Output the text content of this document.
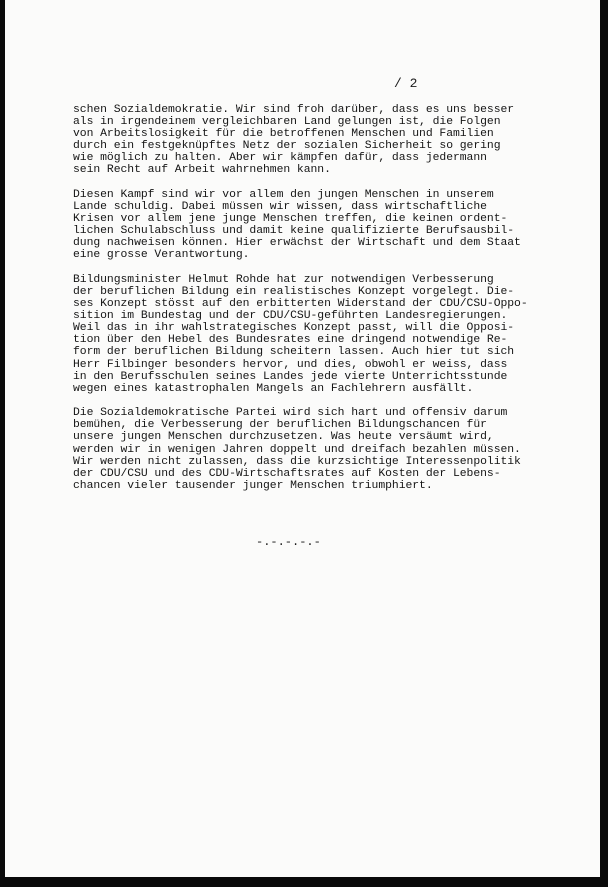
/ 2

schen Sozialdemokratie. Wir sind froh darüber, dass es uns besser
als in irgendeinem vergleichbaren Land gelungen ist, die Folgen
von Arbeitslosigkeit für die betroffenen Menschen und Familien
durch ein festgeknüpftes Netz der sozialen Sicherheit so gering
wie möglich zu halten. Aber wir kämpfen dafür, dass jedermann
sein Recht auf Arbeit wahrnehmen kann.

Diesen Kampf sind wir vor allem den jungen Menschen in unserem
Lande schuldig. Dabei müssen wir wissen, dass wirtschaftliche
Krisen vor allem jene junge Menschen treffen, die keinen ordent-
lichen Schulabschluss und damit keine qualifizierte Berufsausbil-
dung nachweisen können. Hier erwächst der Wirtschaft und dem Staat
eine grosse Verantwortung.

Bildungsminister Helmut Rohde hat zur notwendigen Verbesserung
der beruflichen Bildung ein realistisches Konzept vorgelegt. Die-
ses Konzept stösst auf den erbitterten Widerstand der CDU/CSU-Oppo-
sition im Bundestag und der CDU/CSU-geführten Landesregierungen.
Weil das in ihr wahlstrategisches Konzept passt, will die Opposi-
tion über den Hebel des Bundesrates eine dringend notwendige Re-
form der beruflichen Bildung scheitern lassen. Auch hier tut sich
Herr Filbinger besonders hervor, und dies, obwohl er weiss, dass
in den Berufsschulen seines Landes jede vierte Unterrichtsstunde
wegen eines katastrophalen Mangels an Fachlehrern ausfällt.

Die Sozialdemokratische Partei wird sich hart und offensiv darum
bemühen, die Verbesserung der beruflichen Bildungschancen für
unsere jungen Menschen durchzusetzen. Was heute versäumt wird,
werden wir in wenigen Jahren doppelt und dreifach bezahlen müssen.
Wir werden nicht zulassen, dass die kurzsichtige Interessenpolitik
der CDU/CSU und des CDU-Wirtschaftsrates auf Kosten der Lebens-
chancen vieler tausender junger Menschen triumphiert.

-.-.-.-.-
